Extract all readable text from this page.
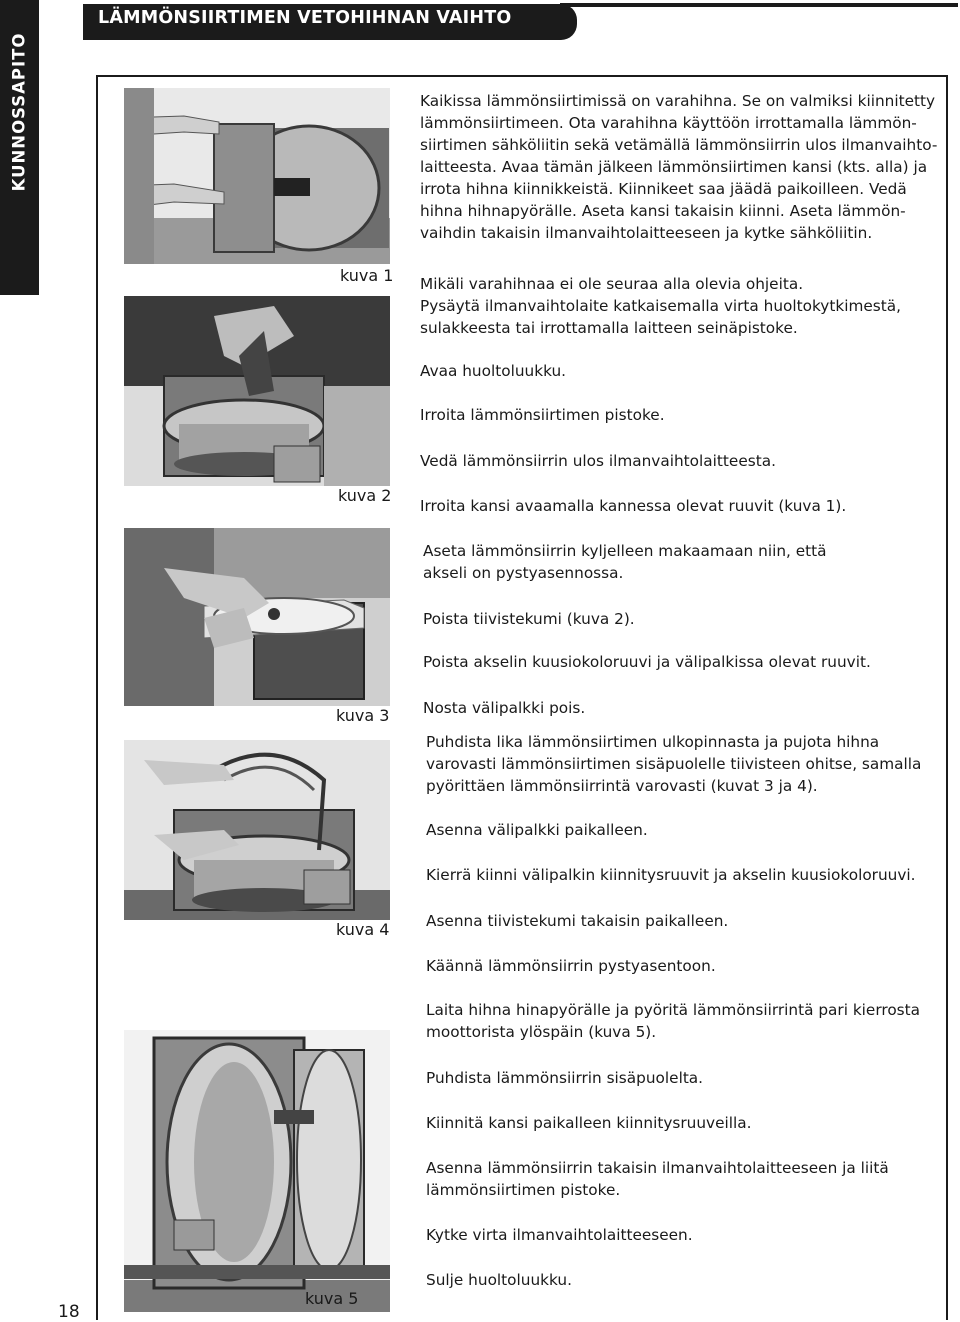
KUNNOSSAPITO
LÄMMÖNSIIRTIMEN VETOHIHNAN VAIHTO
kuva 1
kuva 2
kuva 3
kuva 4
kuva 5

Kaikissa lämmönsiirtimissä on varahihna. Se on valmiksi kiinnitetty
lämmönsiirtimeen. Ota varahihna käyttöön irrottamalla lämmön-
siirtimen sähköliitin sekä vetämällä lämmönsiirrin ulos ilmanvaihto-
laitteesta. Avaa tämän jälkeen lämmönsiirtimen kansi (kts. alla) ja
irrota hihna kiinnikkeistä. Kiinnikeet saa jäädä paikoilleen. Vedä
hihna hihnapyörälle. Aseta kansi takaisin kiinni. Aseta lämmön-
vaihdin takaisin ilmanvaihtolaitteeseen ja kytke sähköliitin.

Mikäli varahihnaa ei ole seuraa alla olevia ohjeita.
Pysäytä ilmanvaihtolaite katkaisemalla virta huoltokytkimestä,
sulakkeesta tai irrottamalla laitteen seinäpistoke.

Avaa huoltoluukku.

Irroita lämmönsiirtimen pistoke.

Vedä lämmönsiirrin ulos ilmanvaihtolaitteesta.

Irroita kansi avaamalla kannessa olevat ruuvit (kuva 1).

Aseta lämmönsiirrin kyljelleen makaamaan niin, että
akseli on pystyasennossa.

Poista tiivistekumi (kuva 2).

Poista akselin kuusiokoloruuvi ja välipalkissa olevat ruuvit.

Nosta välipalkki pois.

Puhdista lika lämmönsiirtimen ulkopinnasta ja pujota hihna
varovasti lämmönsiirtimen sisäpuolelle tiivisteen ohitse, samalla
pyörittäen lämmönsiirrintä varovasti (kuvat 3 ja 4).

Asenna välipalkki paikalleen.

Kierrä kiinni välipalkin kiinnitysruuvit ja akselin kuusiokoloruuvi.

Asenna tiivistekumi takaisin paikalleen.

Käännä lämmönsiirrin pystyasentoon.

Laita hihna hinapyörälle ja pyöritä lämmönsiirrintä pari kierrosta
moottorista ylöspäin (kuva 5).

Puhdista lämmönsiirrin sisäpuolelta.

Kiinnitä kansi paikalleen kiinnitysruuveilla.

Asenna lämmönsiirrin takaisin ilmanvaihtolaitteeseen ja liitä
lämmönsiirtimen pistoke.

Kytke virta ilmanvaihtolaitteeseen.

Sulje huoltoluukku.

18
